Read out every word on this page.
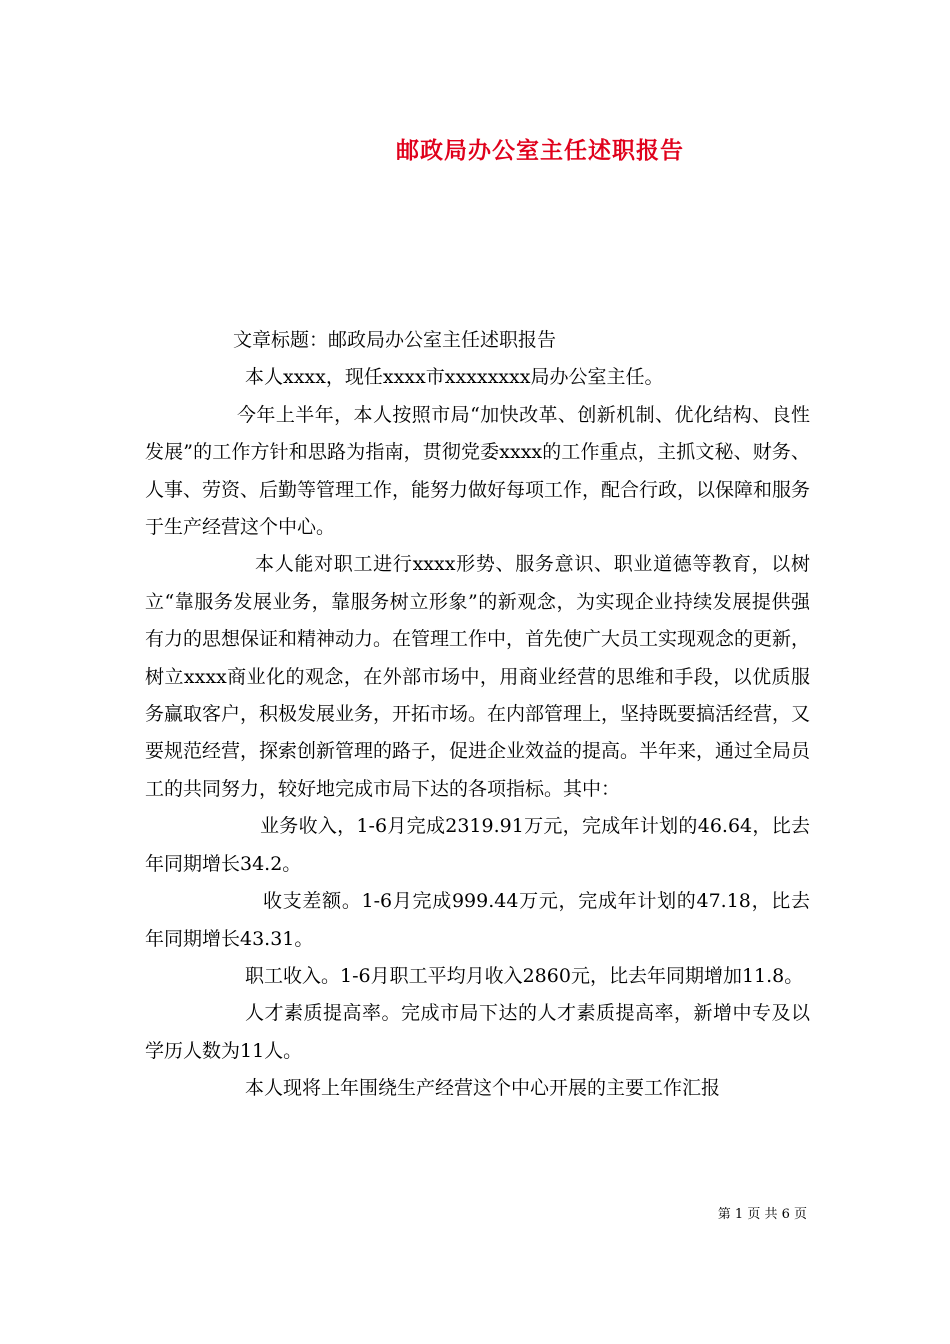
邮政局办公室主任述职报告

文章标题：邮政局办公室主任述职报告

本人xxxx，现任xxxx市xxxxxxxx局办公室主任。

今年上半年，本人按照市局“加快改革、创新机制、优化结构、良性发展”的工作方针和思路为指南，贯彻党委xxxx的工作重点，主抓文秘、财务、人事、劳资、后勤等管理工作，能努力做好每项工作，配合行政，以保障和服务于生产经营这个中心。

本人能对职工进行xxxx形势、服务意识、职业道德等教育，以树立“靠服务发展业务，靠服务树立形象”的新观念，为实现企业持续发展提供强有力的思想保证和精神动力。在管理工作中，首先使广大员工实现观念的更新，树立xxxx商业化的观念，在外部市场中，用商业经营的思维和手段，以优质服务赢取客户，积极发展业务，开拓市场。在内部管理上，坚持既要搞活经营，又要规范经营，探索创新管理的路子，促进企业效益的提高。半年来，通过全局员工的共同努力，较好地完成市局下达的各项指标。其中：

业务收入，1-6月完成2319.91万元，完成年计划的46.64，比去年同期增长34.2。

收支差额。1-6月完成999.44万元，完成年计划的47.18，比去年同期增长43.31。

职工收入。1-6月职工平均月收入2860元，比去年同期增加11.8。

人才素质提高率。完成市局下达的人才素质提高率，新增中专及以学历人数为11人。

本人现将上年围绕生产经营这个中心开展的主要工作汇报

第 1 页 共 6 页
